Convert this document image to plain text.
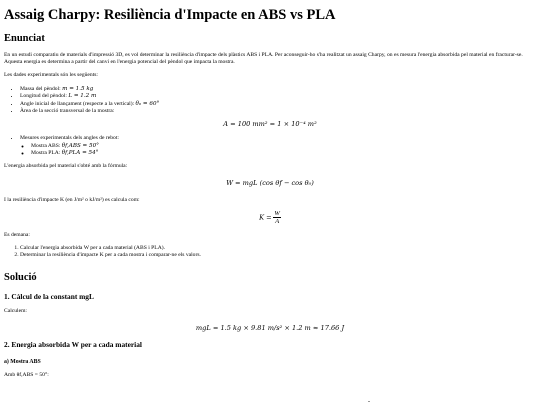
Assaig Charpy: Resiliència d'Impacte en ABS vs PLA
Enunciat

En un estudi comparatiu de materials d'impressió 3D, es vol determinar la resiliència d'impacte dels plàstics ABS i PLA. Per aconseguir-ho s'ha realitzat un assaig Charpy, on es mesura l'energia absorbida pel material en fracturar-se. Aquesta energia es determina a partir del canvi en l'energia potencial del pèndol que impacta la mostra.

Les dades experimentals són les següents:

• Massa del pèndol: m = 1.5 kg
• Longitud del pèndol: L = 1.2 m
• Angle inicial de llançament (respecte a la vertical): θ₀ = 60°
• Àrea de la secció transversal de la mostra:

A = 100 mm² = 1 × 10⁻⁴ m²

• Mesures experimentals dels angles de rebot:
◦ Mostra ABS: θf,ABS = 50°
◦ Mostra PLA: θf,PLA = 54°

L'energia absorbida pel material s'obté amb la fórmula:

W = mgL (cos θf − cos θ₀)

I la resiliència d'impacte K (en J/m² o kJ/m²) es calcula com:

$K = \frac{W}{A}$

Es demana:

1. Calcular l'energia absorbida W per a cada material (ABS i PLA).
2. Determinar la resiliència d'impacte K per a cada mostra i comparar-ne els valors.
Solució
1. Càlcul de la constant mgL

Calculem:

mgL = 1.5 kg × 9.81 m/s² × 1.2 m ≈ 17.66 J

2. Energia absorbida W per a cada material
a) Mostra ABS

Amb θf,ABS = 50°:
